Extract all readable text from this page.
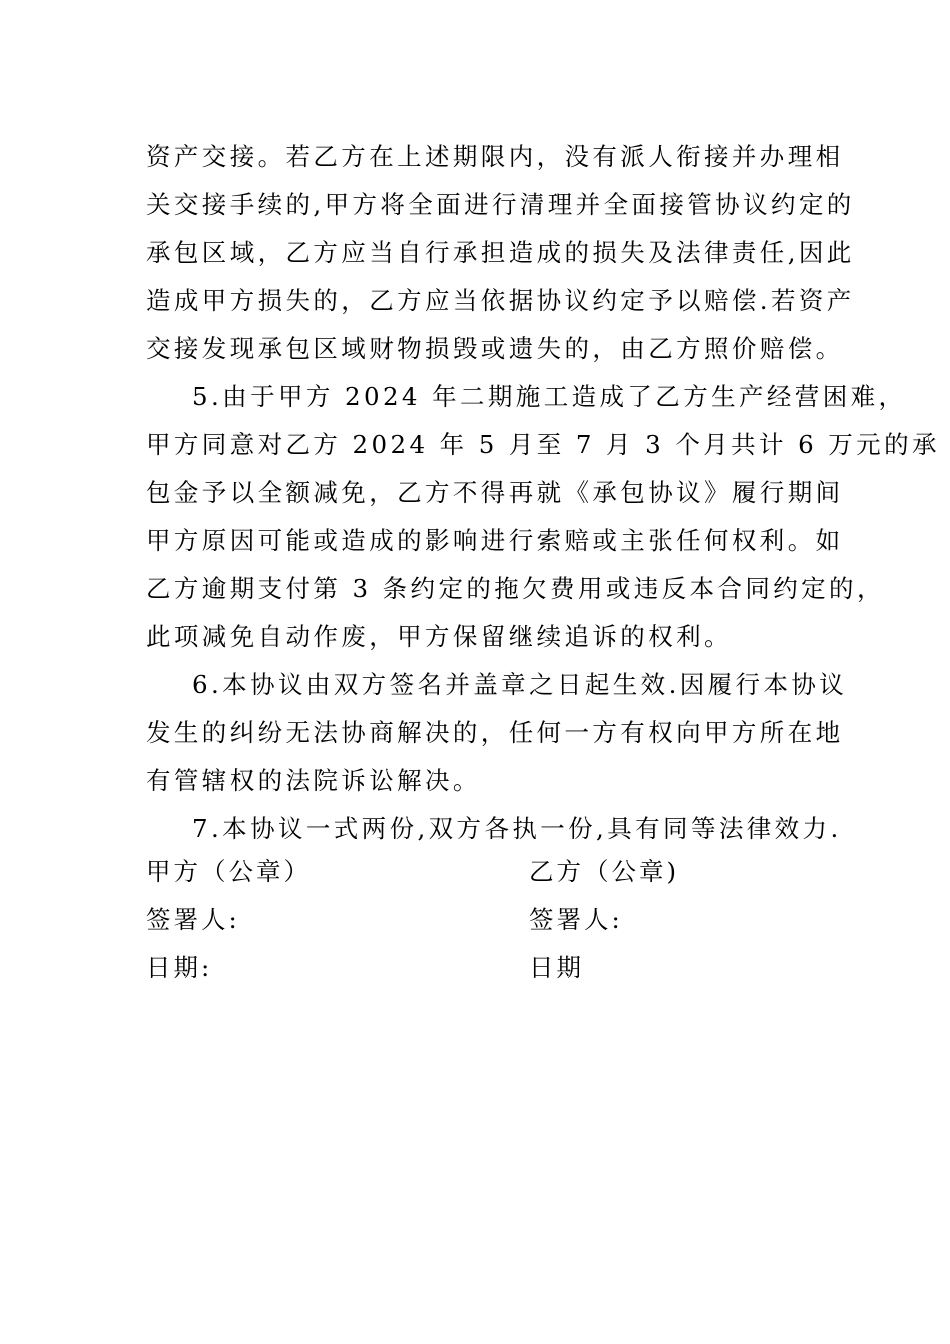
资产交接。若乙方在上述期限内，没有派人衔接并办理相
关交接手续的,甲方将全面进行清理并全面接管协议约定的
承包区域，乙方应当自行承担造成的损失及法律责任,因此
造成甲方损失的，乙方应当依据协议约定予以赔偿.若资产
交接发现承包区域财物损毁或遗失的，由乙方照价赔偿。
5.由于甲方 2024 年二期施工造成了乙方生产经营困难，
甲方同意对乙方 2024 年 5 月至 7 月 3 个月共计 6 万元的承
包金予以全额减免，乙方不得再就《承包协议》履行期间
甲方原因可能或造成的影响进行索赔或主张任何权利。如
乙方逾期支付第 3 条约定的拖欠费用或违反本合同约定的，
此项减免自动作废，甲方保留继续追诉的权利。
6.本协议由双方签名并盖章之日起生效.因履行本协议
发生的纠纷无法协商解决的，任何一方有权向甲方所在地
有管辖权的法院诉讼解决。
7.本协议一式两份,双方各执一份,具有同等法律效力.
甲方（公章）	乙方（公章)
签署人:	签署人:
日期:	日期
